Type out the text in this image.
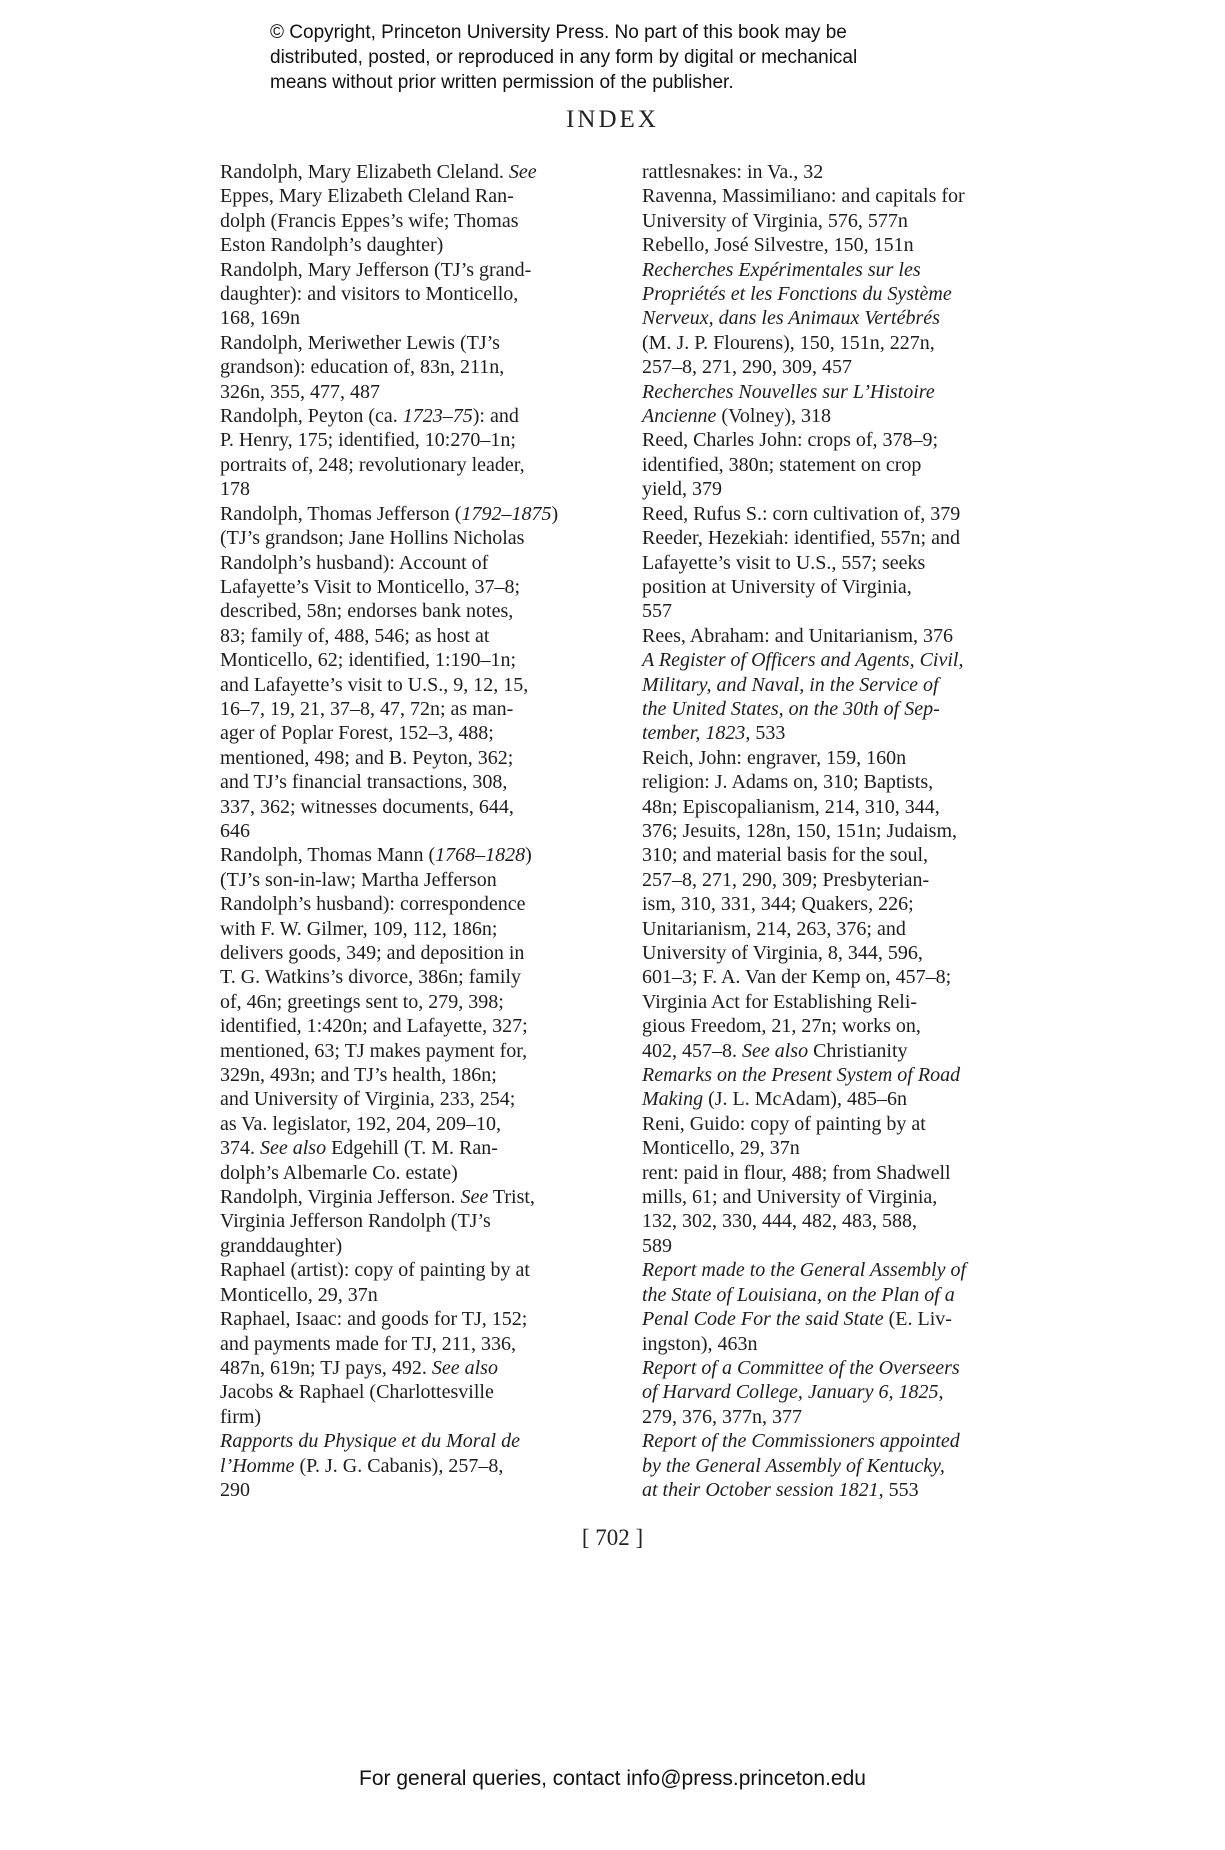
© Copyright, Princeton University Press. No part of this book may be
distributed, posted, or reproduced in any form by digital or mechanical
means without prior written permission of the publisher.
INDEX
Randolph, Mary Elizabeth Cleland. See
Eppes, Mary Elizabeth Cleland Ran-
dolph (Francis Eppes’s wife; Thomas
Eston Randolph’s daughter)
Randolph, Mary Jefferson (TJ’s grand-
daughter): and visitors to Monticello,
168, 169n
Randolph, Meriwether Lewis (TJ’s
grandson): education of, 83n, 211n,
326n, 355, 477, 487
Randolph, Peyton (ca. 1723–75): and
P. Henry, 175; identified, 10:270–1n;
portraits of, 248; revolutionary leader,
178
Randolph, Thomas Jefferson (1792–1875)
(TJ’s grandson; Jane Hollins Nicholas
Randolph’s husband): Account of
Lafayette’s Visit to Monticello, 37–8;
described, 58n; endorses bank notes,
83; family of, 488, 546; as host at
Monticello, 62; identified, 1:190–1n;
and Lafayette’s visit to U.S., 9, 12, 15,
16–7, 19, 21, 37–8, 47, 72n; as man-
ager of Poplar Forest, 152–3, 488;
mentioned, 498; and B. Peyton, 362;
and TJ’s financial transactions, 308,
337, 362; witnesses documents, 644,
646
Randolph, Thomas Mann (1768–1828)
(TJ’s son-in-law; Martha Jefferson
Randolph’s husband): correspondence
with F. W. Gilmer, 109, 112, 186n;
delivers goods, 349; and deposition in
T. G. Watkins’s divorce, 386n; family
of, 46n; greetings sent to, 279, 398;
identified, 1:420n; and Lafayette, 327;
mentioned, 63; TJ makes payment for,
329n, 493n; and TJ’s health, 186n;
and University of Virginia, 233, 254;
as Va. legislator, 192, 204, 209–10,
374. See also Edgehill (T. M. Ran-
dolph’s Albemarle Co. estate)
Randolph, Virginia Jefferson. See Trist,
Virginia Jefferson Randolph (TJ’s
granddaughter)
Raphael (artist): copy of painting by at
Monticello, 29, 37n
Raphael, Isaac: and goods for TJ, 152;
and payments made for TJ, 211, 336,
487n, 619n; TJ pays, 492. See also
Jacobs & Raphael (Charlottesville
firm)
Rapports du Physique et du Moral de
l’Homme (P. J. G. Cabanis), 257–8,
290
rattlesnakes: in Va., 32
Ravenna, Massimiliano: and capitals for
University of Virginia, 576, 577n
Rebello, José Silvestre, 150, 151n
Recherches Expérimentales sur les
Propriétés et les Fonctions du Système
Nerveux, dans les Animaux Vertébrés
(M. J. P. Flourens), 150, 151n, 227n,
257–8, 271, 290, 309, 457
Recherches Nouvelles sur L’Histoire
Ancienne (Volney), 318
Reed, Charles John: crops of, 378–9;
identified, 380n; statement on crop
yield, 379
Reed, Rufus S.: corn cultivation of, 379
Reeder, Hezekiah: identified, 557n; and
Lafayette’s visit to U.S., 557; seeks
position at University of Virginia,
557
Rees, Abraham: and Unitarianism, 376
A Register of Officers and Agents, Civil,
Military, and Naval, in the Service of
the United States, on the 30th of Sep-
tember, 1823, 533
Reich, John: engraver, 159, 160n
religion: J. Adams on, 310; Baptists,
48n; Episcopalianism, 214, 310, 344,
376; Jesuits, 128n, 150, 151n; Judaism,
310; and material basis for the soul,
257–8, 271, 290, 309; Presbyterian-
ism, 310, 331, 344; Quakers, 226;
Unitarianism, 214, 263, 376; and
University of Virginia, 8, 344, 596,
601–3; F. A. Van der Kemp on, 457–8;
Virginia Act for Establishing Reli-
gious Freedom, 21, 27n; works on,
402, 457–8. See also Christianity
Remarks on the Present System of Road
Making (J. L. McAdam), 485–6n
Reni, Guido: copy of painting by at
Monticello, 29, 37n
rent: paid in flour, 488; from Shadwell
mills, 61; and University of Virginia,
132, 302, 330, 444, 482, 483, 588,
589
Report made to the General Assembly of
the State of Louisiana, on the Plan of a
Penal Code For the said State (E. Liv-
ingston), 463n
Report of a Committee of the Overseers
of Harvard College, January 6, 1825,
279, 376, 377n, 377
Report of the Commissioners appointed
by the General Assembly of Kentucky,
at their October session 1821, 553
[ 702 ]
For general queries, contact info@press.princeton.edu
